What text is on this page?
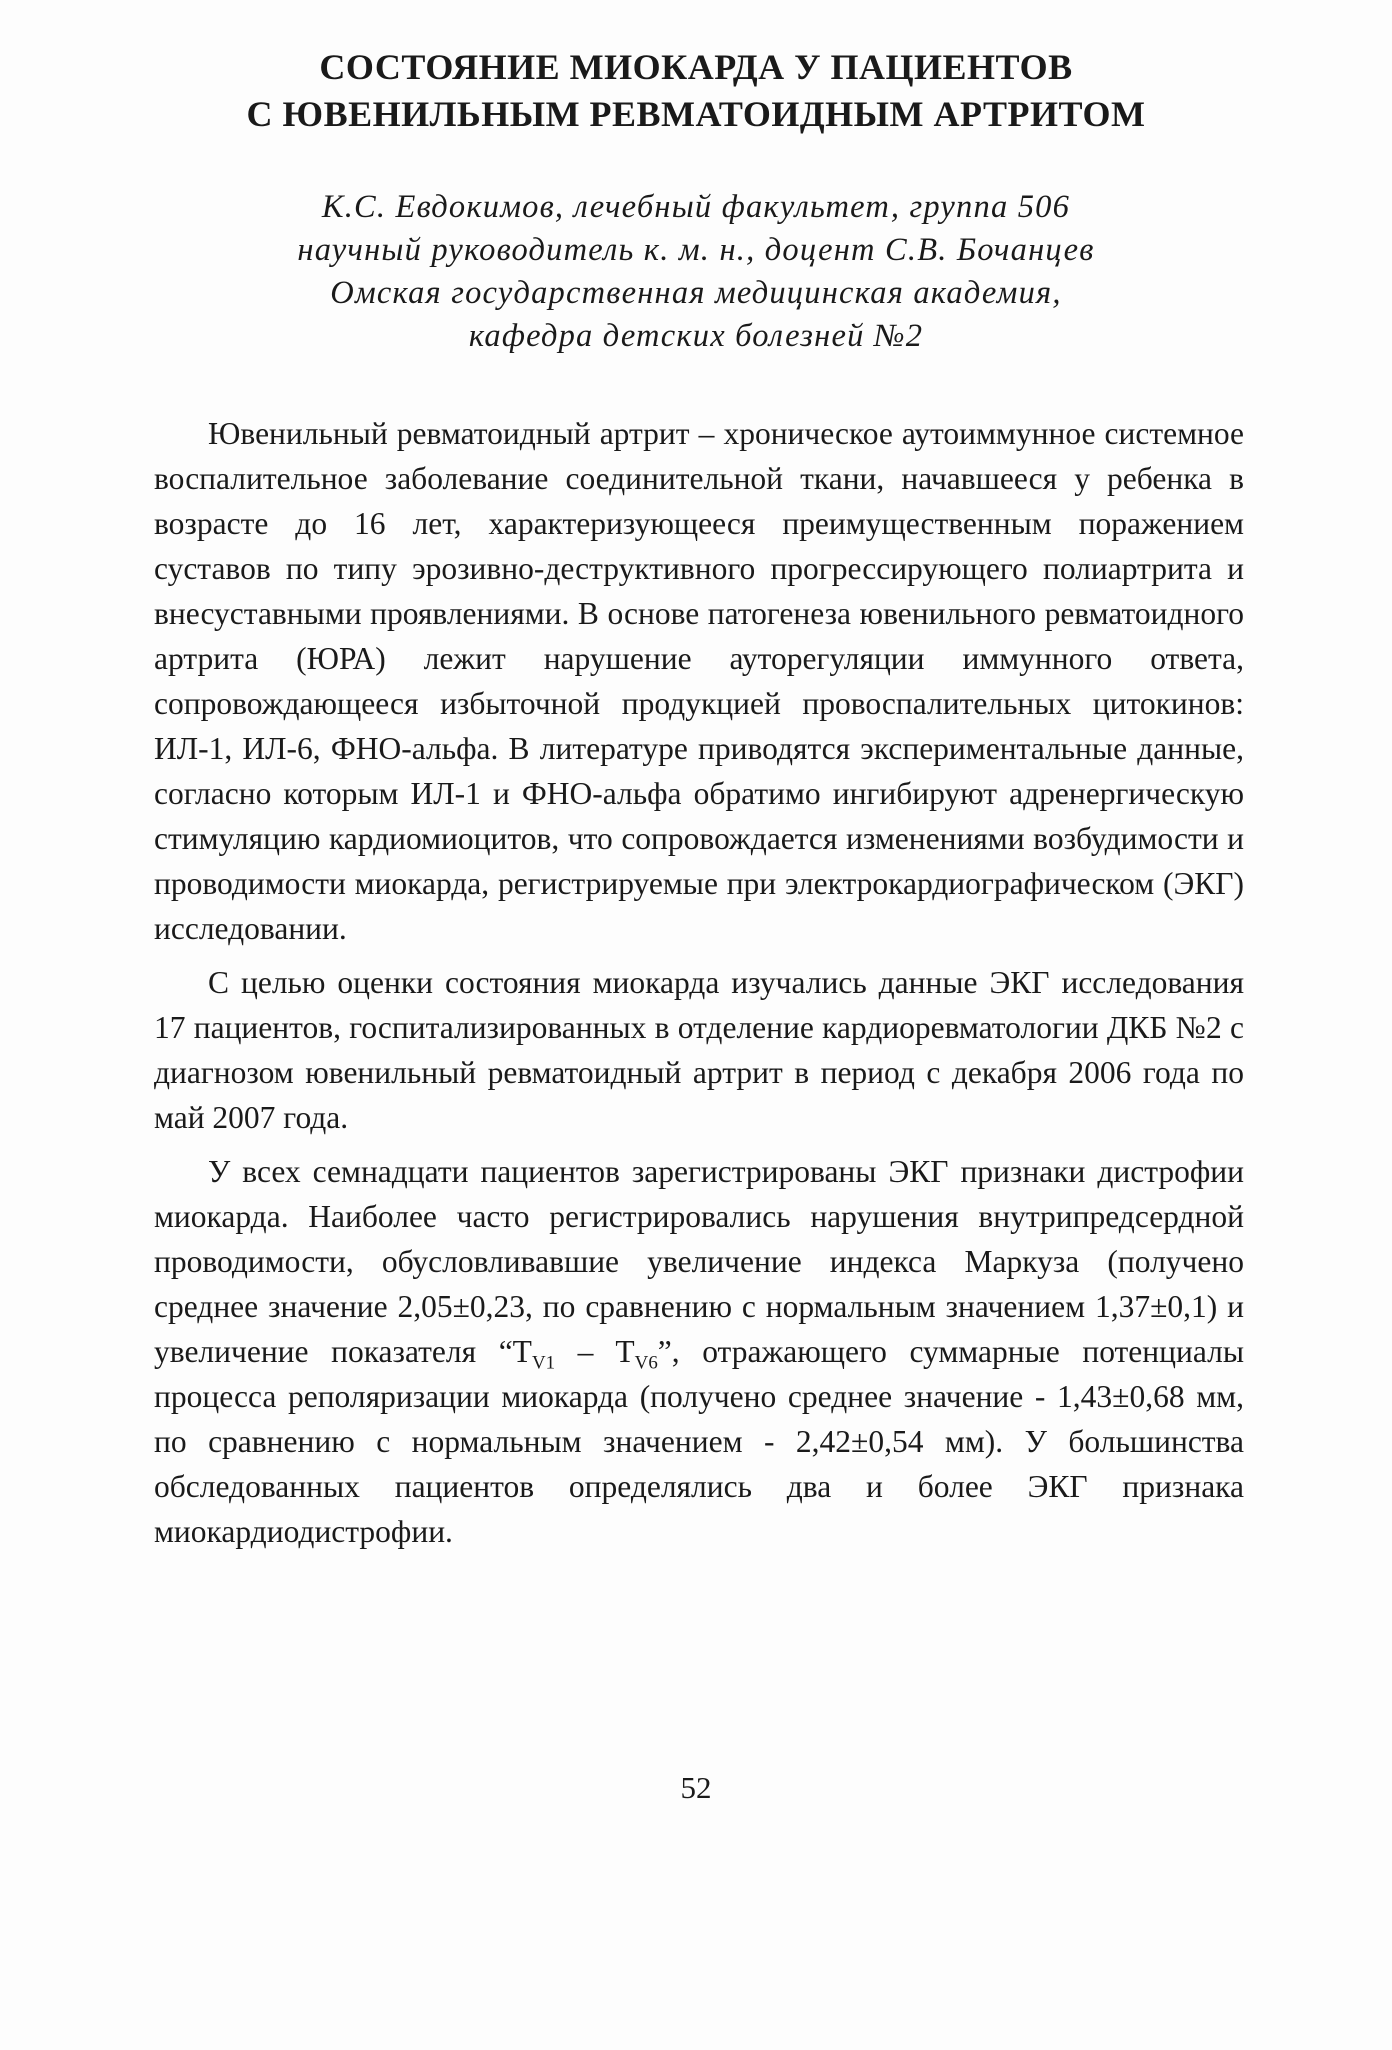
СОСТОЯНИЕ МИОКАРДА У ПАЦИЕНТОВ
С ЮВЕНИЛЬНЫМ РЕВМАТОИДНЫМ АРТРИТОМ
К.С. Евдокимов, лечебный факультет, группа 506
научный руководитель к. м. н., доцент С.В. Бочанцев
Омская государственная медицинская академия,
кафедра детских болезней №2

Ювенильный ревматоидный артрит – хроническое аутоиммунное системное воспалительное заболевание соединительной ткани, начавшееся у ребенка в возрасте до 16 лет, характеризующееся преимущественным поражением суставов по типу эрозивно-деструктивного прогрессирующего полиартрита и внесуставными проявлениями. В основе патогенеза ювенильного ревматоидного артрита (ЮРА) лежит нарушение ауторегуляции иммунного ответа, сопровождающееся избыточной продукцией провоспалительных цитокинов: ИЛ-1, ИЛ-6, ФНО-альфа. В литературе приводятся экспериментальные данные, согласно которым ИЛ-1 и ФНО-альфа обратимо ингибируют адренергическую стимуляцию кардиомиоцитов, что сопровождается изменениями возбудимости и проводимости миокарда, регистрируемые при электрокардиографическом (ЭКГ) исследовании.

С целью оценки состояния миокарда изучались данные ЭКГ исследования 17 пациентов, госпитализированных в отделение кардиоревматологии ДКБ №2 с диагнозом ювенильный ревматоидный артрит в период с декабря 2006 года по май 2007 года.

У всех семнадцати пациентов зарегистрированы ЭКГ признаки дистрофии миокарда. Наиболее часто регистрировались нарушения внутрипредсердной проводимости, обусловливавшие увеличение индекса Маркуза (получено среднее значение 2,05±0,23, по сравнению с нормальным значением 1,37±0,1) и увеличение показателя “$T_{V1} - T_{V6}$”, отражающего суммарные потенциалы процесса реполяризации миокарда (получено среднее значение - 1,43±0,68 мм, по сравнению с нормальным значением - 2,42±0,54 мм). У большинства обследованных пациентов определялись два и более ЭКГ признака миокардиодистрофии.

52
